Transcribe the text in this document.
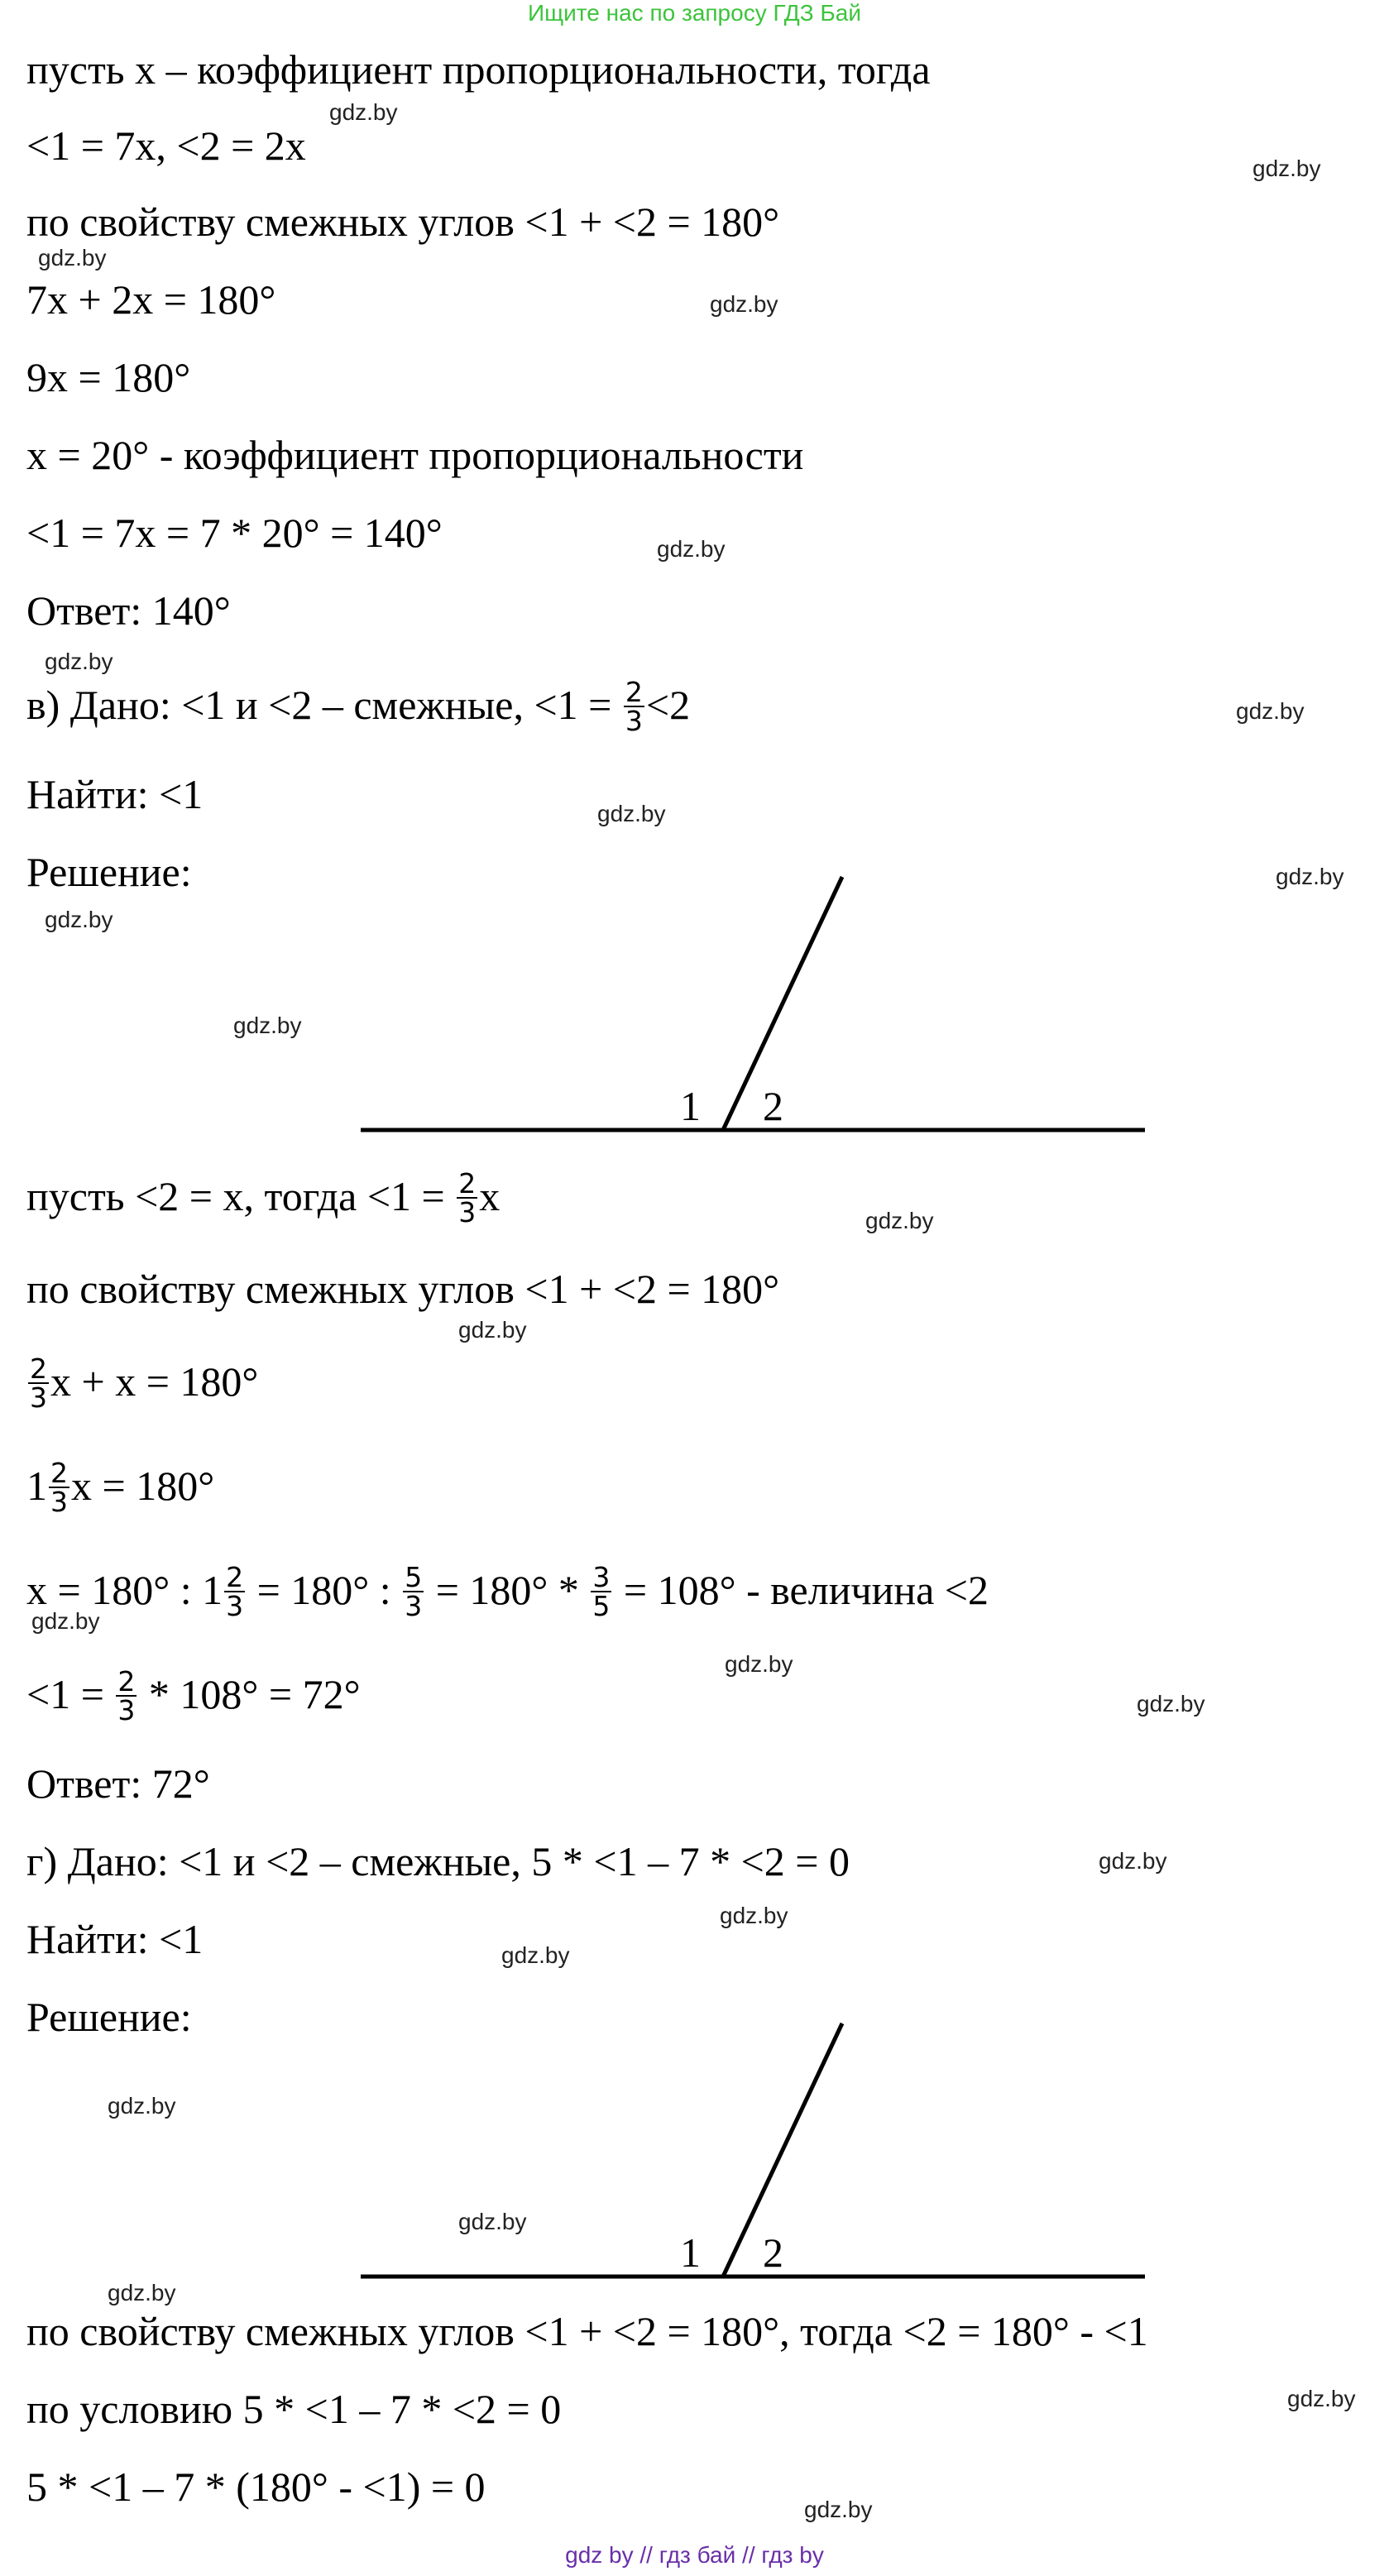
Ищите нас по запросу ГДЗ Бай
пусть х – коэффициент пропорциональности, тогда
<1 = 7х, <2 = 2х
по свойству смежных углов <1 + <2 = 180°
7х + 2х = 180°
9х = 180°
х = 20° - коэффициент пропорциональности
<1 = 7х = 7 * 20° = 140°
Ответ: 140°
в) Дано: <1 и <2 – смежные, $<1 = \frac{2}{3} <2$
Найти: <1
Решение:
пусть <2 = х, тогда $<1 = \frac{2}{3}$ х
по свойству смежных углов <1 + <2 = 180°
$\frac{2}{3}$ х + х = 180°
$1 \frac{2}{3}$ х = 180°
х = 180° : $1 \frac{2}{3} = 180^\circ$ : $\frac{5}{3} = 180^\circ * \frac{3}{5} = 108^\circ$ - величина <2
$<1 = \frac{2}{3} * 108^\circ = 72^\circ$
Ответ: 72°
г) Дано: <1 и <2 – смежные, 5 * <1 – 7 * <2 = 0
Найти: <1
Решение:
по свойству смежных углов <1 + <2 = 180°, тогда <2 = 180° - <1
по условию 5 * <1 – 7 * <2 = 0
5 * <1 – 7 * (180° - <1) = 0
1 2
1 2
gdz.by
gdz.by
gdz.by
gdz.by
gdz.by
gdz.by
gdz.by
gdz.by
gdz.by
gdz.by
gdz.by
gdz.by
gdz.by
gdz.by
gdz.by
gdz.by
gdz.by
gdz.by
gdz.by
gdz.by
gdz.by
gdz.by
gdz.by
gdz.by
gdz by // гдз бай // гдз by
